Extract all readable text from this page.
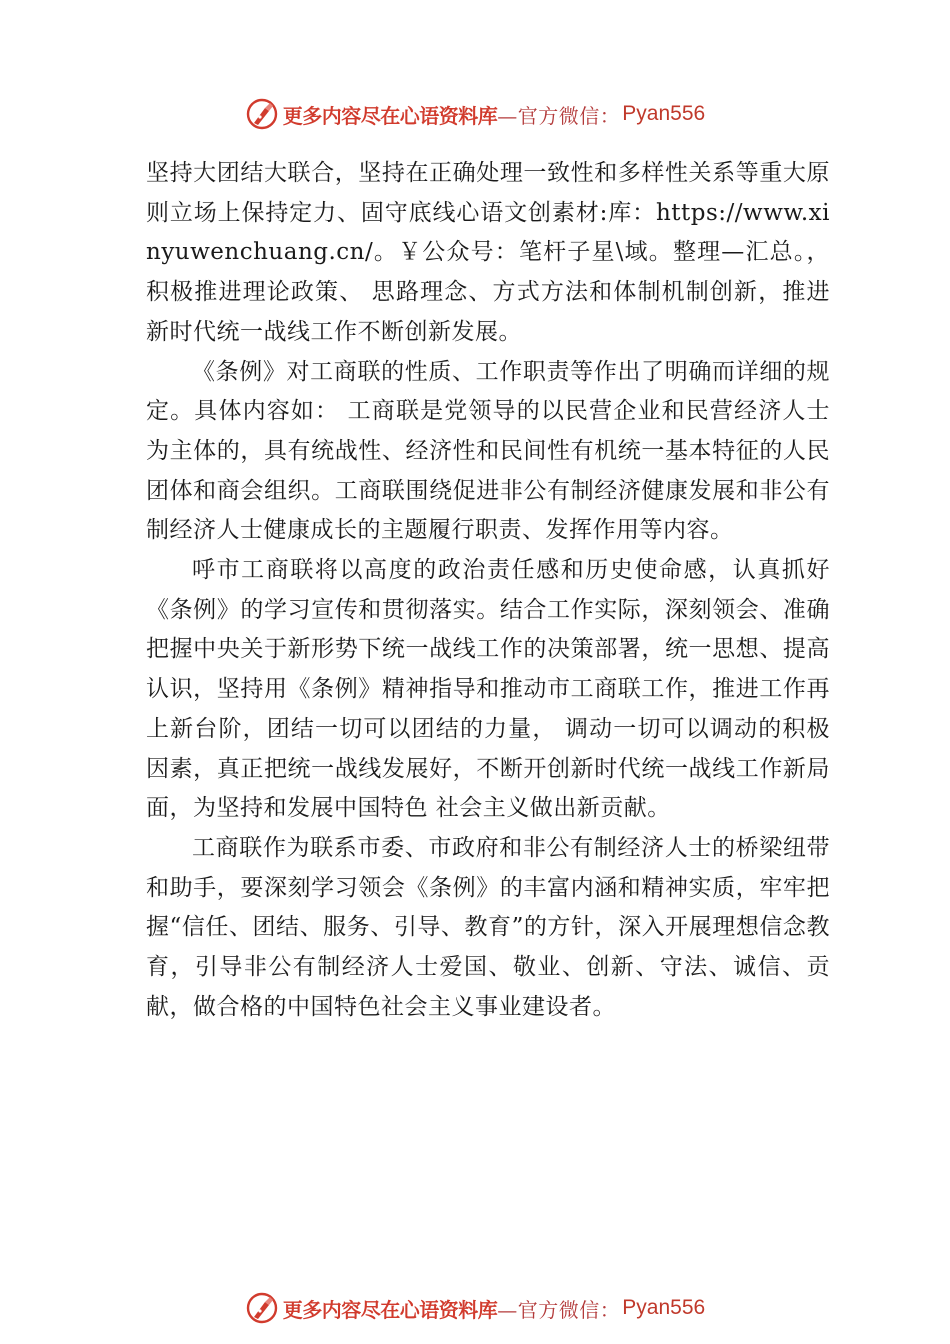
更多内容尽在心语资料库 —官方微信： Pyan556

坚持大团结大联合，坚持在正确处理一致性和多样性关系等重大原则立场上保持定力、固守底线心语文创素材:库：https://www.xinyuwenchuang.cn/。￥公众号：笔杆子星\域。整理—汇总。，积极推进理论政策、 思路理念、方式方法和体制机制创新，推进新时代统一战线工作不断创新发展。

《条例》对工商联的性质、工作职责等作出了明确而详细的规定。具体内容如： 工商联是党领导的以民营企业和民营经济人士为主体的，具有统战性、经济性和民间性有机统一基本特征的人民团体和商会组织。工商联围绕促进非公有制经济健康发展和非公有制经济人士健康成长的主题履行职责、发挥作用等内容。

呼市工商联将以高度的政治责任感和历史使命感，认真抓好《条例》的学习宣传和贯彻落实。结合工作实际，深刻领会、准确把握中央关于新形势下统一战线工作的决策部署，统一思想、提高认识，坚持用《条例》精神指导和推动市工商联工作，推进工作再上新台阶，团结一切可以团结的力量， 调动一切可以调动的积极因素，真正把统一战线发展好，不断开创新时代统一战线工作新局面，为坚持和发展中国特色 社会主义做出新贡献。

工商联作为联系市委、市政府和非公有制经济人士的桥梁纽带和助手，要深刻学习领会《条例》的丰富内涵和精神实质，牢牢把握“信任、团结、服务、引导、教育”的方针，深入开展理想信念教育，引导非公有制经济人士爱国、敬业、创新、守法、诚信、贡献，做合格的中国特色社会主义事业建设者。

更多内容尽在心语资料库 —官方微信： Pyan556
